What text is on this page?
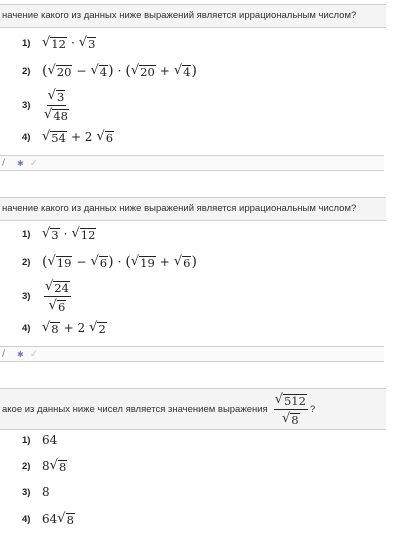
начение какого из данных ниже выражений является иррациональным числом?
1) √ 12 · √ 3
2) ( √ 20 − √ 4 ) · ( √ 20 + √ 4 )
3)	$\frac{√ 3}{√ 48}$
4) √ 54 + 2 √ 6
/ ✱ ✓
начение какого из данных ниже выражений является иррациональным числом?
1) √ 3 · √ 12
2) ( √ 19 − √ 6 ) · ( √ 19 + √ 6 )
3)	$\frac{√ 24}{√ 6}$
4) √ 8 + 2 √ 2
/ ✱ ✓
акое из данных ниже чисел является значением выражения $\frac{√ 512}{√ 8}$ ?
1) 64
2) 8 √ 8
3) 8
4) 64 √ 8
